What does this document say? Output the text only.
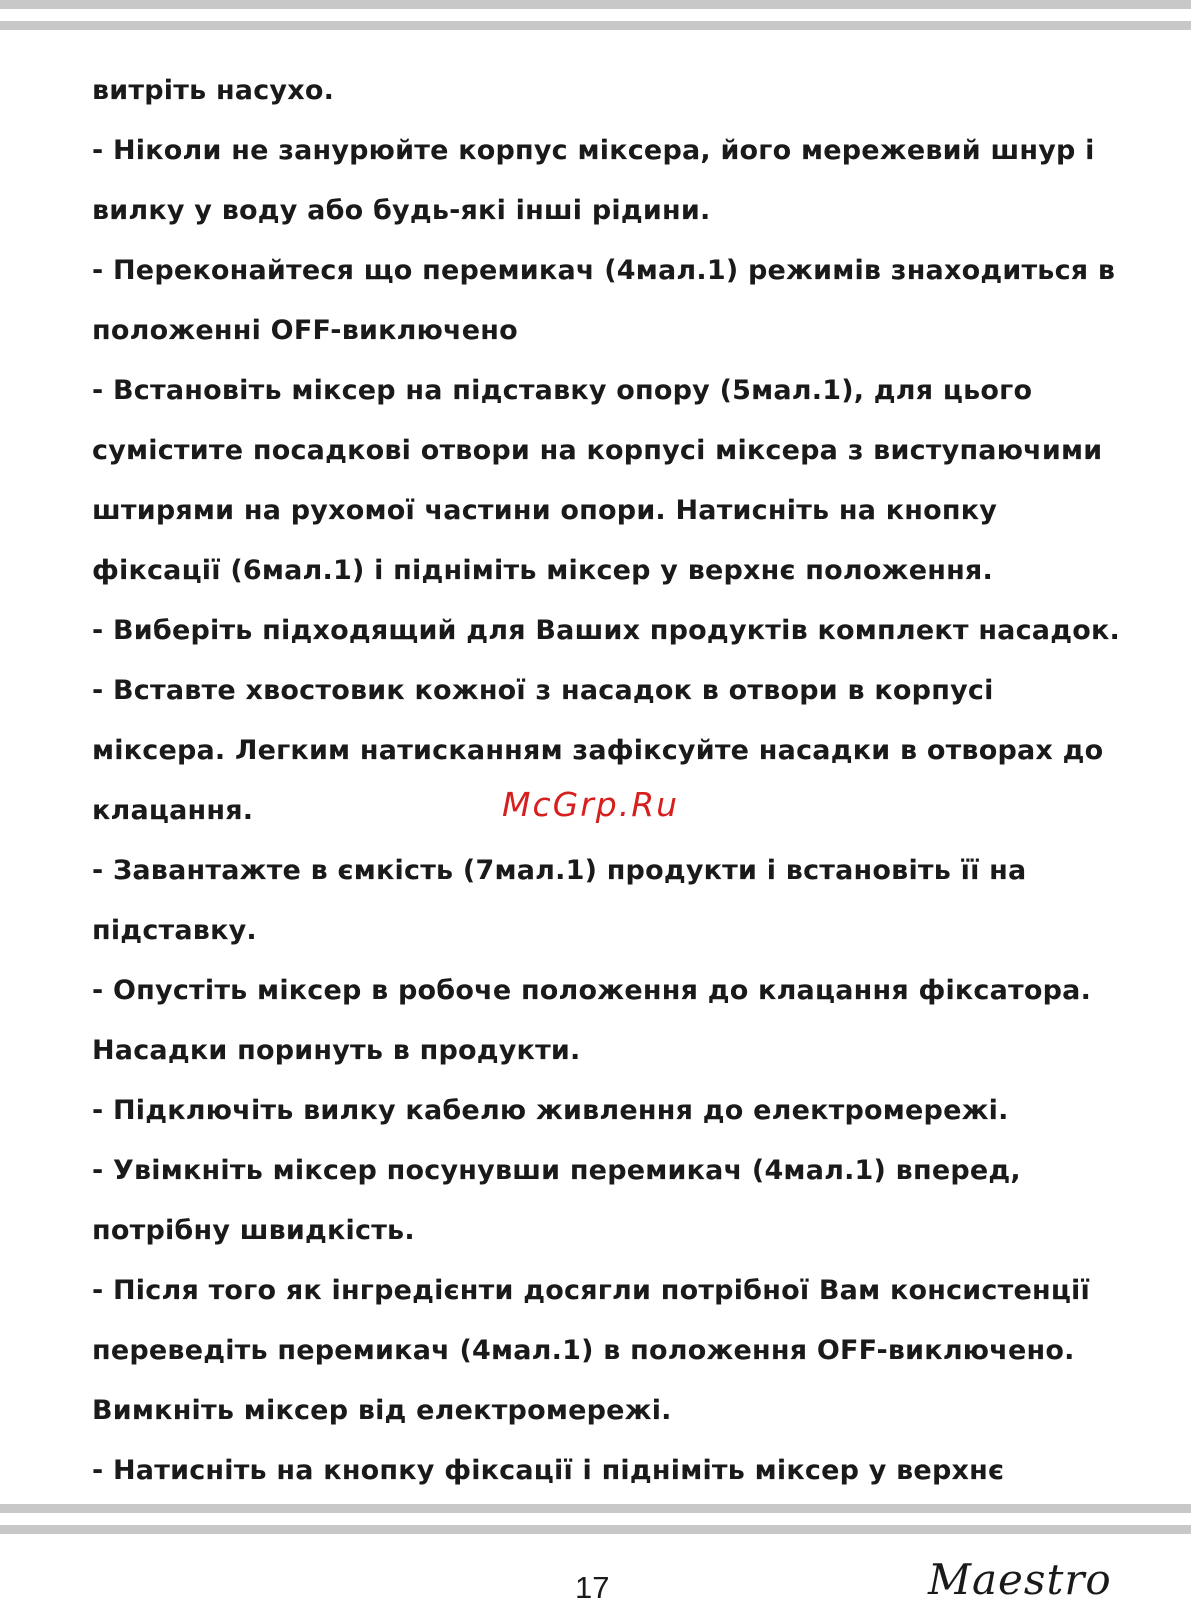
витріть насухо.
- Ніколи не занурюйте корпус міксера, його мережевий шнур і
вилку у воду або будь-які інші рідини.
- Переконайтеся що перемикач (4мал.1) режимів знаходиться в
положенні OFF-виключено
- Встановіть міксер на підставку опору (5мал.1), для цього
сумістите посадкові отвори на корпусі міксера з виступаючими
штирями на рухомої частини опори. Натисніть на кнопку
фіксації (6мал.1) і підніміть міксер у верхнє положення.
- Виберіть підходящий для Ваших продуктів комплект насадок.
- Вставте хвостовик кожної з насадок в отвори в корпусі
міксера. Легким натисканням зафіксуйте насадки в отворах до
клацання.
- Завантажте в ємкість (7мал.1) продукти і встановіть її на
підставку.
- Опустіть міксер в робоче положення до клацання фіксатора.
Насадки поринуть в продукти.
- Підключіть вилку кабелю живлення до електромережі.
- Увімкніть міксер посунувши перемикач (4мал.1) вперед,
потрібну швидкість.
- Після того як інгредієнти досягли потрібної Вам консистенції
переведіть перемикач (4мал.1) в положення OFF-виключено.
Вимкніть міксер від електромережі.
- Натисніть на кнопку фіксації і підніміть міксер у верхнє
McGrp.Ru
17	Maestro
